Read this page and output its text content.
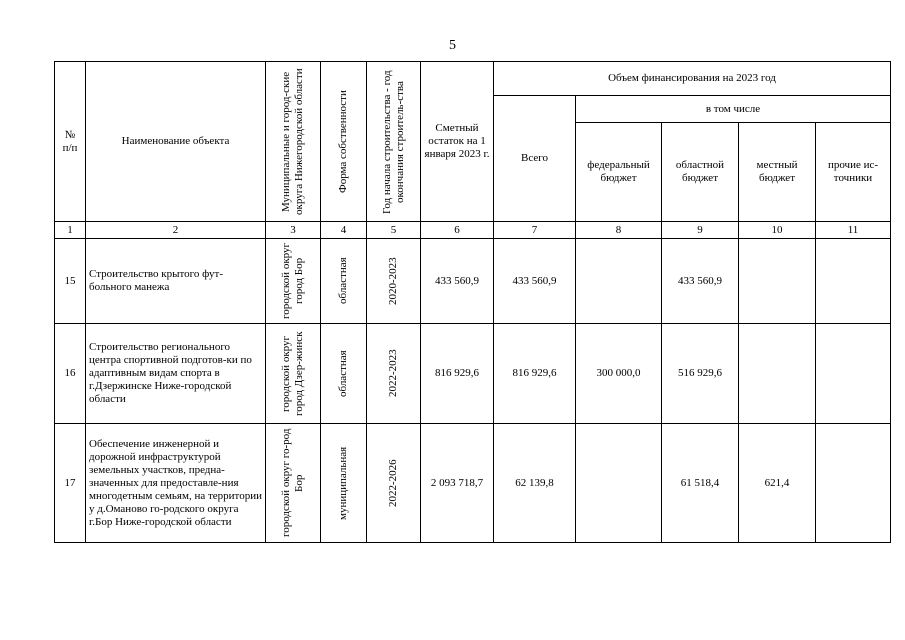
5
№
п/п	Наименование объекта	Муниципальные и город-ские округа Нижегородской области	Форма собственности	Год начала строительства - год окончания строитель-ства	Сметный остаток на 1 января 2023 г.	Объем финансирования на 2023 год				
						Всего	в том числе			
							федеральный бюджет	областной бюджет	местный бюджет	прочие ис-точники
1	2	3	4	5	6	7	8	9	10	11
15	Строительство крытого фут-больного манежа	городской округ город Бор	областная	2020-2023	433 560,9	433 560,9		433 560,9		
16	Строительство регионального центра спортивной подготов-ки по адаптивным видам спорта в г.Дзержинске Ниже-городской области	городской округ город Дзер-жинск	областная	2022-2023	816 929,6	816 929,6	300 000,0	516 929,6		
17	Обеспечение инженерной и дорожной инфраструктурой земельных участков, предна-значенных для предоставле-ния многодетным семьям, на территории у д.Оманово го-родского округа г.Бор Ниже-городской области	городской округ го-род Бор	муниципальная	2022-2026	2 093 718,7	62 139,8		61 518,4	621,4	
